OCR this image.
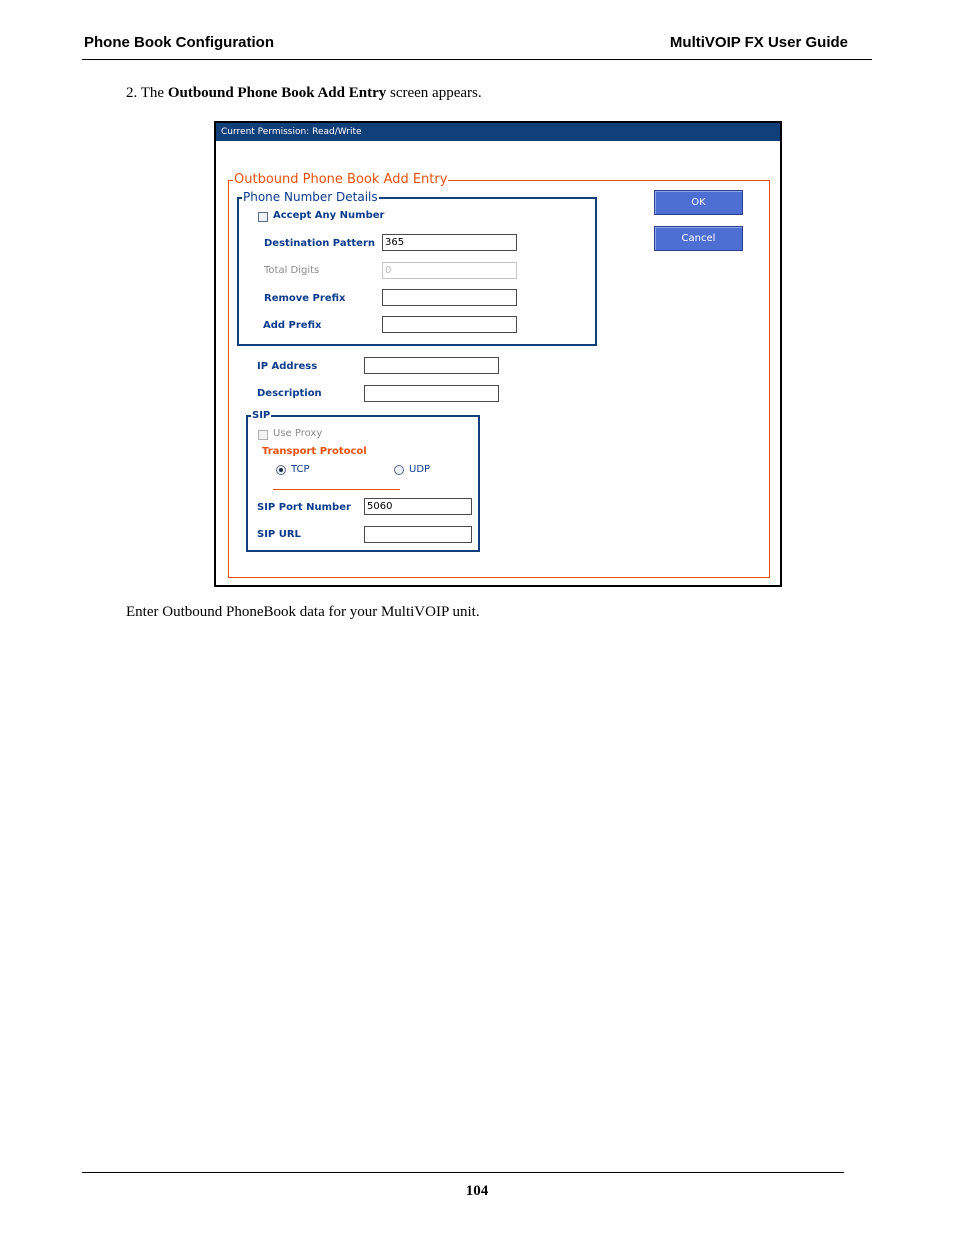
Phone Book Configuration	MultiVOIP FX User Guide
2. The Outbound Phone Book Add Entry screen appears.
Current Permission: Read/Write
Outbound Phone Book Add Entry
Phone Number Details
Accept Any Number
Destination Pattern
365
Total Digits
0
Remove Prefix
Add Prefix
IP Address
Description
SIP
Use Proxy
Transport Protocol
TCP	UDP
SIP Port Number
5060
SIP URL
OK
Cancel
Enter Outbound PhoneBook data for your MultiVOIP unit.
104
